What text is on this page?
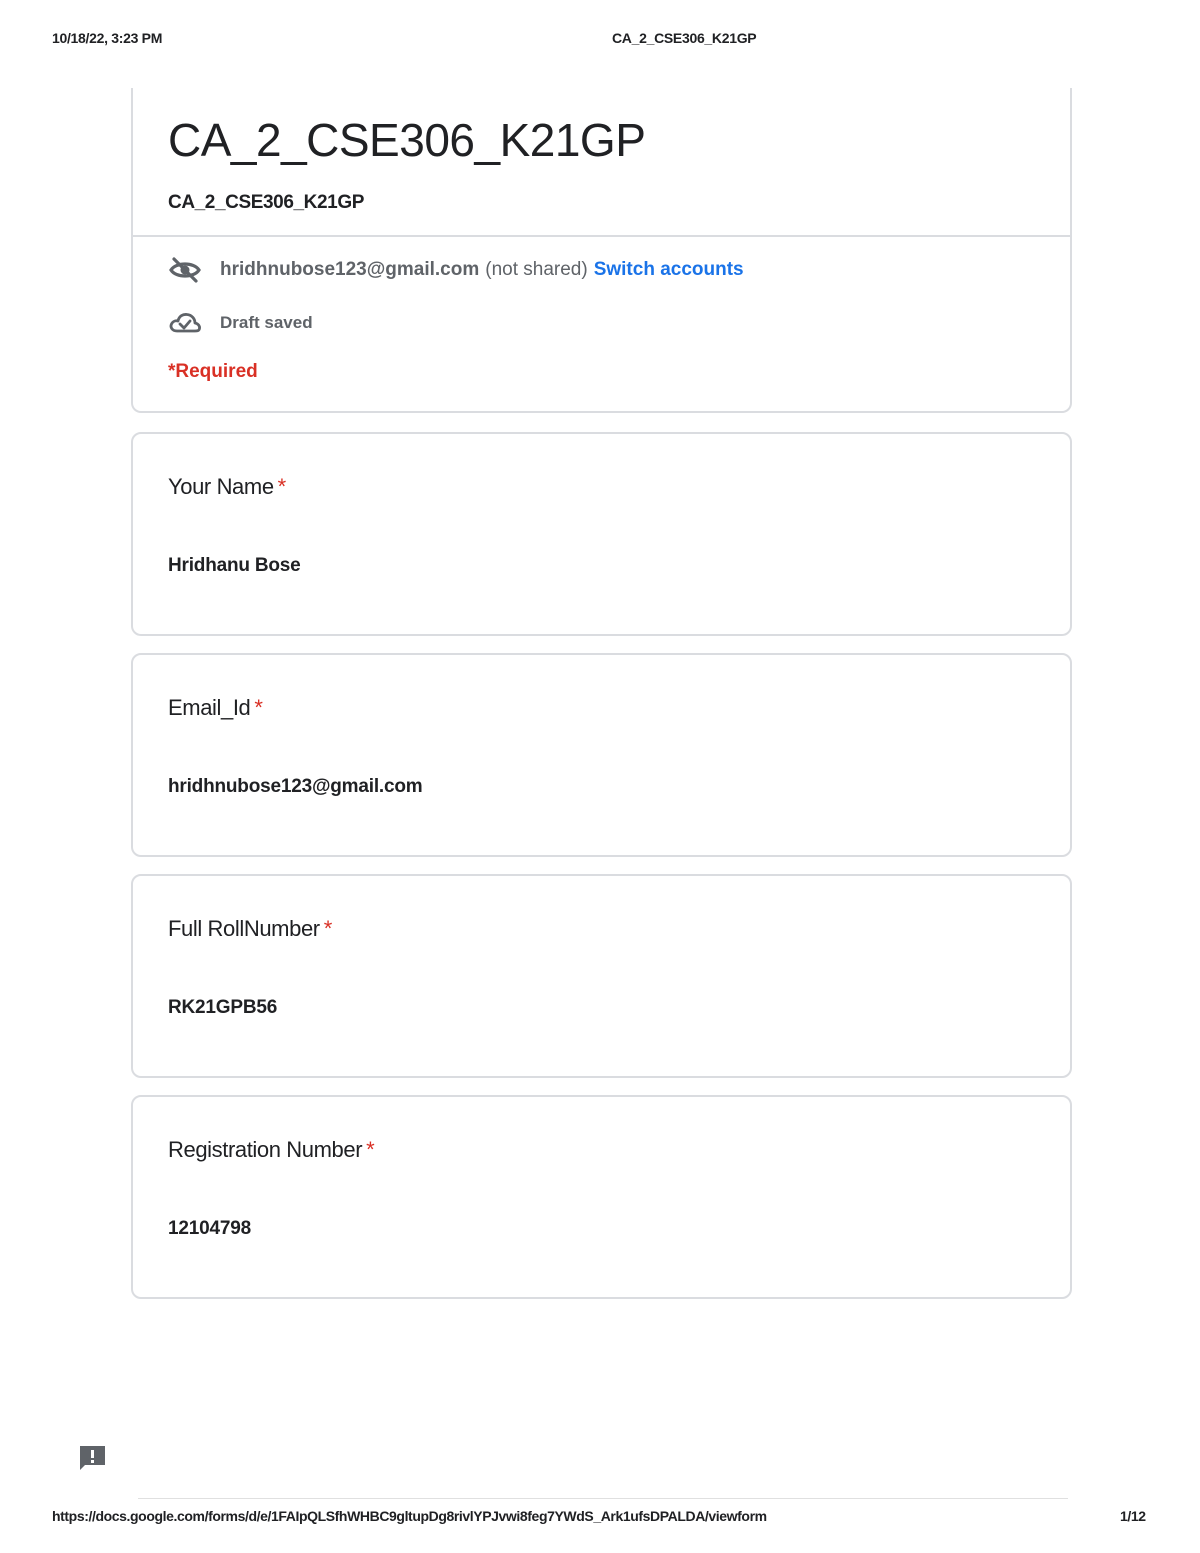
10/18/22, 3:23 PM	CA_2_CSE306_K21GP
CA_2_CSE306_K21GP
CA_2_CSE306_K21GP
hridhnubose123@gmail.com (not shared) Switch accounts
Draft saved
*Required
Your Name *
Hridhanu Bose
Email_Id *
hridhnubose123@gmail.com
Full RollNumber *
RK21GPB56
Registration Number *
12104798
https://docs.google.com/forms/d/e/1FAIpQLSfhWHBC9gltupDg8rivlYPJvwi8feg7YWdS_Ark1ufsDPALDA/viewform	1/12
